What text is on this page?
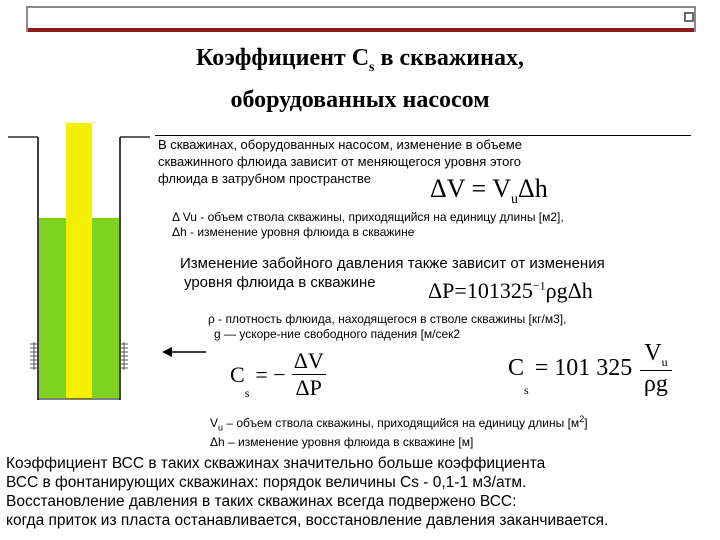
Коэффициент $C_s$ в скважинах,
оборудованных насосом
В скважинах, оборудованных насосом, изменение в объеме
скважинного флюида зависит от меняющегося уровня этого
флюида в затрубном пространстве	$\Delta V = V_u\Delta h$
Δ Vu - объем ствола скважины, приходящийся на единицу длины [м2],
Δh - изменение уровня флюида в скважине
Изменение забойного давления также зависит от изменения
уровня флюида в скважине	$\Delta P=101325^{-1}\rho g\Delta h$
ρ - плотность флюида, находящегося в стволе скважины [кг/м3],
g — ускоре-ние свободного падения [м/сек2
C
$_s$
= − $\frac{\Delta V}{\Delta P}$	C
s
= 101 325
$V_u$
ρg
$V_u$ – объем ствола скважины, приходящийся на единицу длины $[м^2]$
Δh – изменение уровня флюида в скважине [м]
Коэффициент ВСС в таких скважинах значительно больше коэффициента
ВСС в фонтанирующих скважинах: порядок величины Cs - 0,1-1 м3/атм.
Восстановление давления в таких скважинах всегда подвержено ВСС:
когда приток из пласта останавливается, восстановление давления заканчивается.
